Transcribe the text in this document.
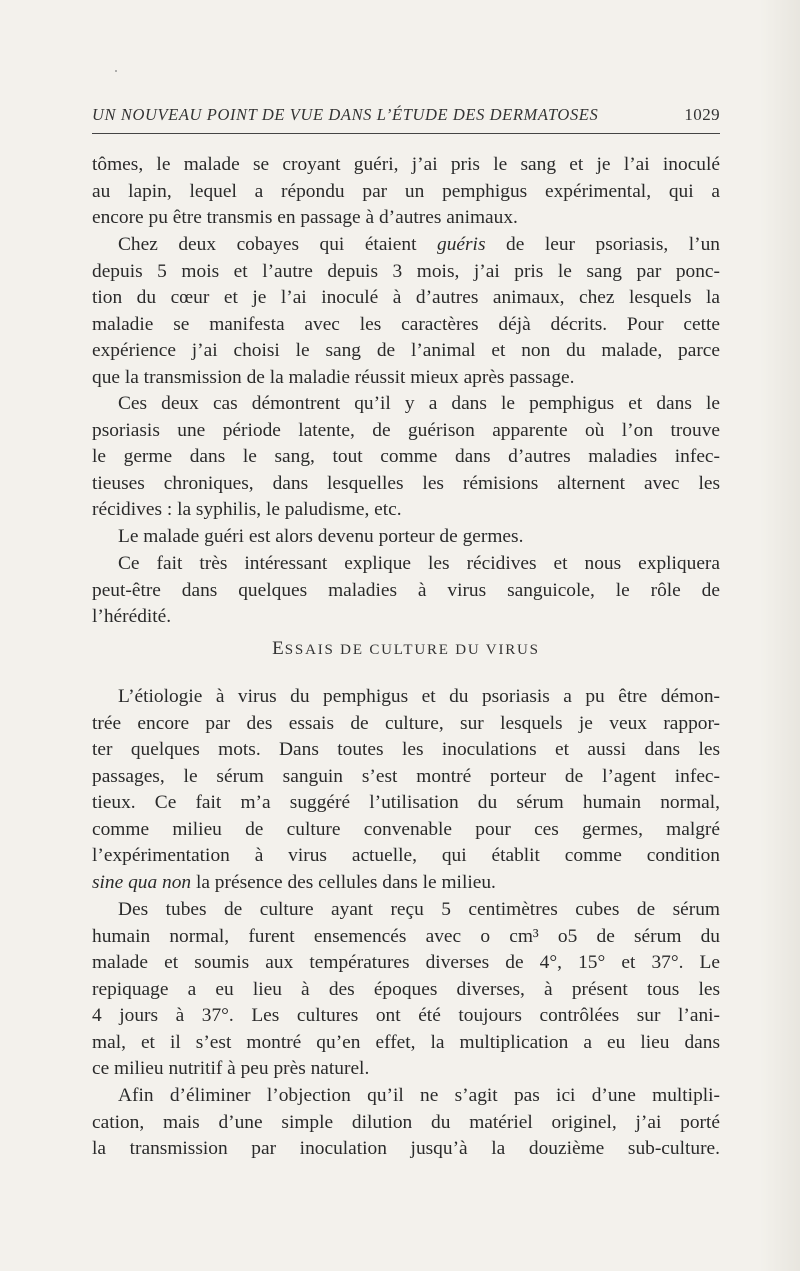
UN NOUVEAU POINT DE VUE DANS L’ÉTUDE DES DERMATOSES	1029
tômes, le malade se croyant guéri, j’ai pris le sang et je l’ai inoculé
au lapin, lequel a répondu par un pemphigus expérimental, qui a
encore pu être transmis en passage à d’autres animaux.
Chez deux cobayes qui étaient guéris de leur psoriasis, l’un
depuis 5 mois et l’autre depuis 3 mois, j’ai pris le sang par ponc-
tion du cœur et je l’ai inoculé à d’autres animaux, chez lesquels la
maladie se manifesta avec les caractères déjà décrits. Pour cette
expérience j’ai choisi le sang de l’animal et non du malade, parce
que la transmission de la maladie réussit mieux après passage.
Ces deux cas démontrent qu’il y a dans le pemphigus et dans le
psoriasis une période latente, de guérison apparente où l’on trouve
le germe dans le sang, tout comme dans d’autres maladies infec-
tieuses chroniques, dans lesquelles les rémisions alternent avec les
récidives : la syphilis, le paludisme, etc.
Le malade guéri est alors devenu porteur de germes.
Ce fait très intéressant explique les récidives et nous expliquera
peut-être dans quelques maladies à virus sanguicole, le rôle de
l’hérédité.
ESSAIS DE CULTURE DU VIRUS
L’étiologie à virus du pemphigus et du psoriasis a pu être démon-
trée encore par des essais de culture, sur lesquels je veux rappor-
ter quelques mots. Dans toutes les inoculations et aussi dans les
passages, le sérum sanguin s’est montré porteur de l’agent infec-
tieux. Ce fait m’a suggéré l’utilisation du sérum humain normal,
comme milieu de culture convenable pour ces germes, malgré
l’expérimentation à virus actuelle, qui établit comme condition
sine qua non la présence des cellules dans le milieu.
Des tubes de culture ayant reçu 5 centimètres cubes de sérum
humain normal, furent ensemencés avec o cm³ o5 de sérum du
malade et soumis aux températures diverses de 4°, 15° et 37°. Le
repiquage a eu lieu à des époques diverses, à présent tous les
4 jours à 37°. Les cultures ont été toujours contrôlées sur l’ani-
mal, et il s’est montré qu’en effet, la multiplication a eu lieu dans
ce milieu nutritif à peu près naturel.
Afin d’éliminer l’objection qu’il ne s’agit pas ici d’une multipli-
cation, mais d’une simple dilution du matériel originel, j’ai porté
la transmission par inoculation jusqu’à la douzième sub-culture.
